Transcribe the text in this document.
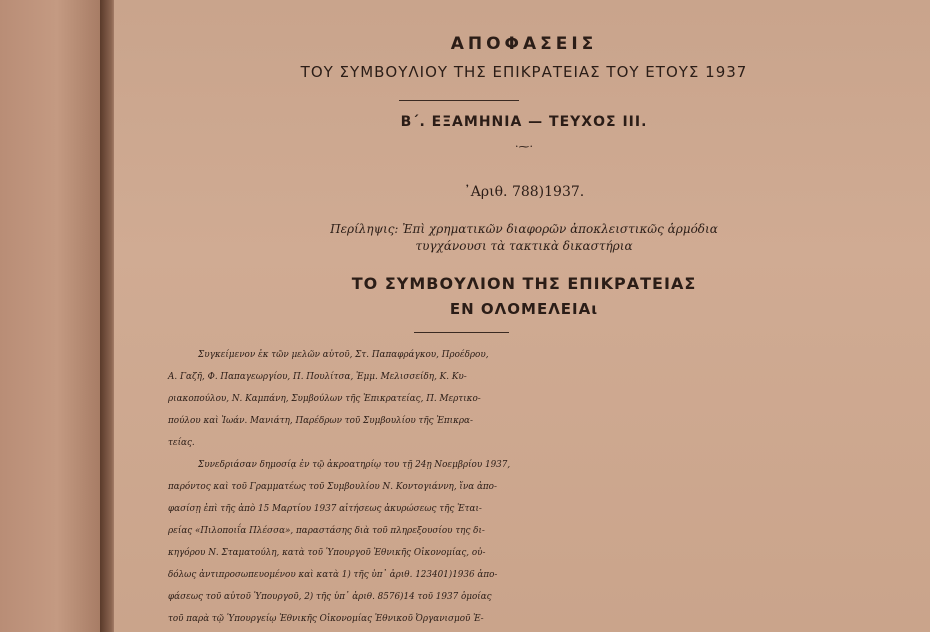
ΑΠΟΦΑΣΕΙΣ
ΤΟΥ ΣΥΜΒΟΥΛΙΟΥ ΤΗΣ ΕΠΙΚΡΑΤΕΙΑΣ ΤΟΥ ΕΤΟΥΣ 1937
Β΄. ΕΞΑΜΗΝΙΑ — ΤΕΥΧΟΣ III.
·⁓·
᾿Αριθ. 788)1937.
Περίληψις: Ἐπὶ χρηματικῶν διαφορῶν ἀποκλειστικῶς ἁρμόδια
τυγχάνουσι τὰ τακτικὰ δικαστήρια
ΤΟ ΣΥΜΒΟΥΛΙΟΝ ΤΗΣ ΕΠΙΚΡΑΤΕΙΑΣ
ΕΝ ΟΛΟΜΕΛΕΙΑι
Συγκείμενον ἐκ τῶν μελῶν αὐτοῦ, Στ. Παπαφράγκου, Προέδρου,
Α. Γαζῆ, Φ. Παπαγεωργίου, Π. Πουλίτσα, Ἐμμ. Μελισσείδη, Κ. Κυ-
ριακοπούλου, Ν. Καμπάνη, Συμβούλων τῆς Ἐπικρατείας, Π. Μερτικο-
πούλου καὶ Ἰωάν. Μανιάτη, Παρέδρων τοῦ Συμβουλίου τῆς Ἐπικρα-
τείας.
Συνεδριάσαν δημοσίᾳ ἐν τῷ ἀκροατηρίῳ του τῇ 24ῃ Νοεμβρίου 1937,
παρόντος καὶ τοῦ Γραμματέως τοῦ Συμβουλίου Ν. Κοντογιάννη, ἵνα ἀπο-
φασίσῃ ἐπὶ τῆς ἀπὸ 15 Μαρτίου 1937 αἰτήσεως ἀκυρώσεως τῆς Ἐται-
ρείας «Πιλοποιΐα Πλέσσα», παραστάσης διὰ τοῦ πληρεξουσίου της δι-
κηγόρου Ν. Σταματούλη, κατὰ τοῦ Ὑπουργοῦ Ἐθνικῆς Οἰκονομίας, οὐ-
δόλως ἀντιπροσωπευομένου καὶ κατὰ 1) τῆς ὑπ᾿ ἀριθ. 123401)1936 ἀπο-
φάσεως τοῦ αὐτοῦ Ὑπουργοῦ, 2) τῆς ὑπ᾿ ἀριθ. 8576)14 τοῦ 1937 ὁμοίας
τοῦ παρὰ τῷ Ὑπουργείῳ Ἐθνικῆς Οἰκονομίας Ἐθνικοῦ Ὀργανισμοῦ Ἐ-
